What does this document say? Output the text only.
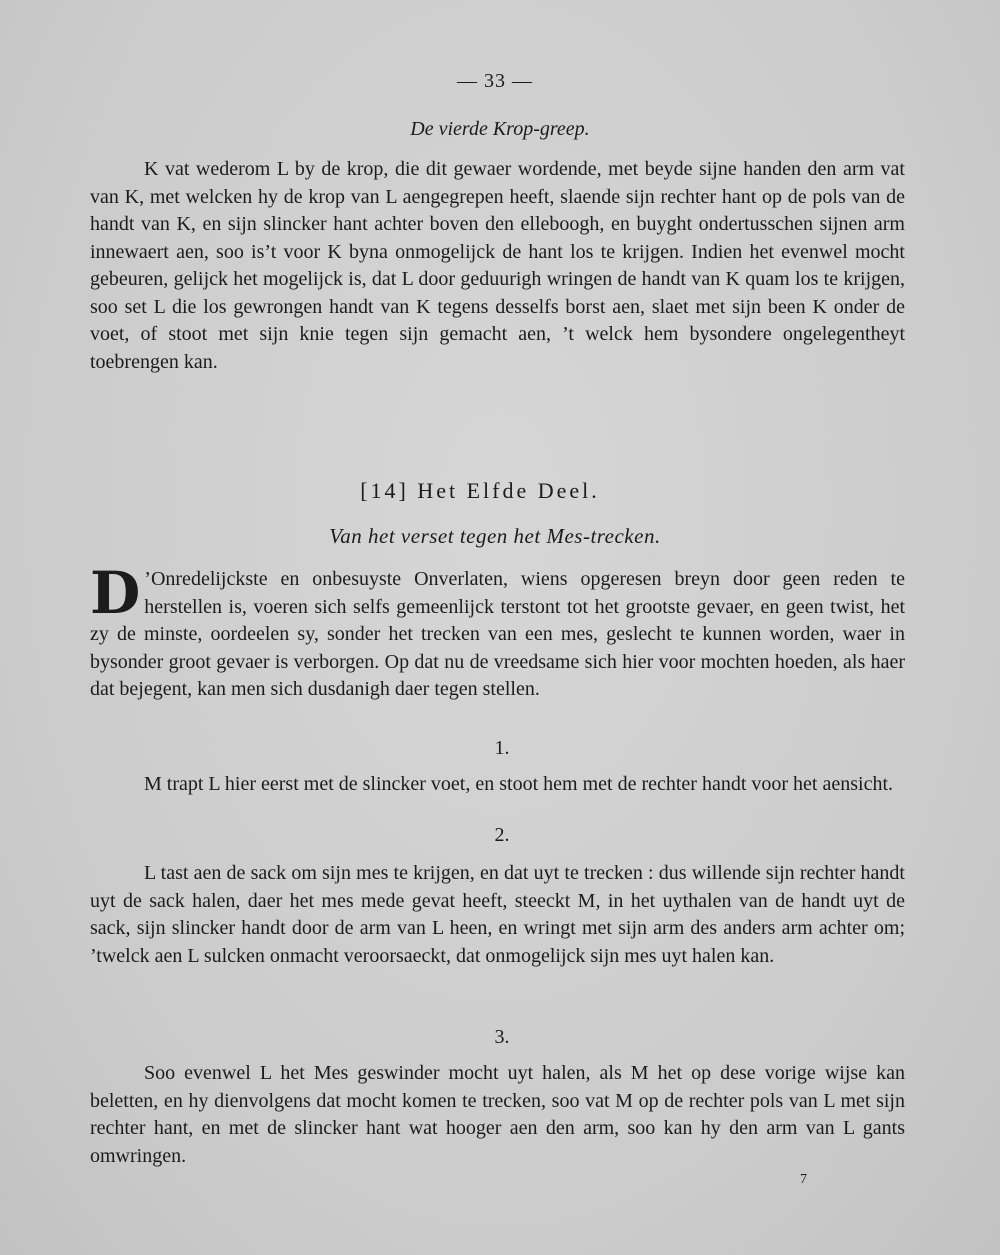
— 33 —
De vierde Krop-greep.

K vat wederom L by de krop, die dit gewaer wordende, met beyde sijne handen den arm vat van K, met welcken hy de krop van L aengegrepen heeft, slaende sijn rechter hant op de pols van de handt van K, en sijn slincker hant achter boven den elleboogh, en buyght ondertusschen sijnen arm innewaert aen, soo is’t voor K byna onmogelijck de hant los te krijgen. Indien het evenwel mocht gebeuren, gelijck het mogelijck is, dat L door geduurigh wringen de handt van K quam los te krijgen, soo set L die los gewrongen handt van K tegens desselfs borst aen, slaet met sijn been K onder de voet, of stoot met sijn knie tegen sijn gemacht aen, ’t welck hem bysondere ongelegentheyt toebrengen kan.

[14] Het Elfde Deel.
Van het verset tegen het Mes-trecken.

D ’Onredelijckste en onbesuyste Onverlaten, wiens opgeresen breyn door geen reden te herstellen is, voeren sich selfs gemeenlijck terstont tot het grootste gevaer, en geen twist, het zy de minste, oordeelen sy, sonder het trecken van een mes, geslecht te kunnen worden, waer in bysonder groot gevaer is verborgen. Op dat nu de vreedsame sich hier voor mochten hoeden, als haer dat bejegent, kan men sich dusdanigh daer tegen stellen.

1.

M trapt L hier eerst met de slincker voet, en stoot hem met de rechter handt voor het aensicht.

2.

L tast aen de sack om sijn mes te krijgen, en dat uyt te trecken : dus willende sijn rechter handt uyt de sack halen, daer het mes mede gevat heeft, steeckt M, in het uythalen van de handt uyt de sack, sijn slincker handt door de arm van L heen, en wringt met sijn arm des anders arm achter om; ’twelck aen L sulcken onmacht veroorsaeckt, dat onmogelijck sijn mes uyt halen kan.

3.

Soo evenwel L het Mes geswinder mocht uyt halen, als M het op dese vorige wijse kan beletten, en hy dienvolgens dat mocht komen te trecken, soo vat M op de rechter pols van L met sijn rechter hant, en met de slincker hant wat hooger aen den arm, soo kan hy den arm van L gants omwringen.

7
